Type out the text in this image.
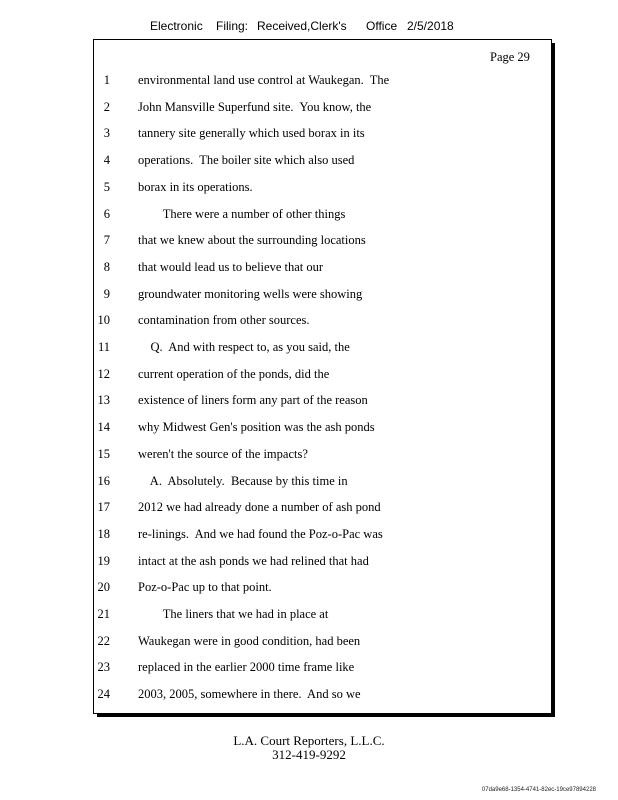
Electronic Filing: Received,Clerk's Office 2/5/2018
Page 29
1 environmental land use control at Waukegan.  The
2 John Mansville Superfund site.  You know, the
3 tannery site generally which used borax in its
4 operations.  The boiler site which also used
5 borax in its operations.
6 There were a number of other things
7 that we knew about the surrounding locations
8 that would lead us to believe that our
9 groundwater monitoring wells were showing
10 contamination from other sources.
11 Q.  And with respect to, as you said, the
12 current operation of the ponds, did the
13 existence of liners form any part of the reason
14 why Midwest Gen's position was the ash ponds
15 weren't the source of the impacts?
16 A.  Absolutely.  Because by this time in
17 2012 we had already done a number of ash pond
18 re-linings.  And we had found the Poz-o-Pac was
19 intact at the ash ponds we had relined that had
20 Poz-o-Pac up to that point.
21 The liners that we had in place at
22 Waukegan were in good condition, had been
23 replaced in the earlier 2000 time frame like
24 2003, 2005, somewhere in there.  And so we
L.A. Court Reporters, L.L.C.
312-419-9292
07da9e68-1354-4741-82ec-19ce97894228
